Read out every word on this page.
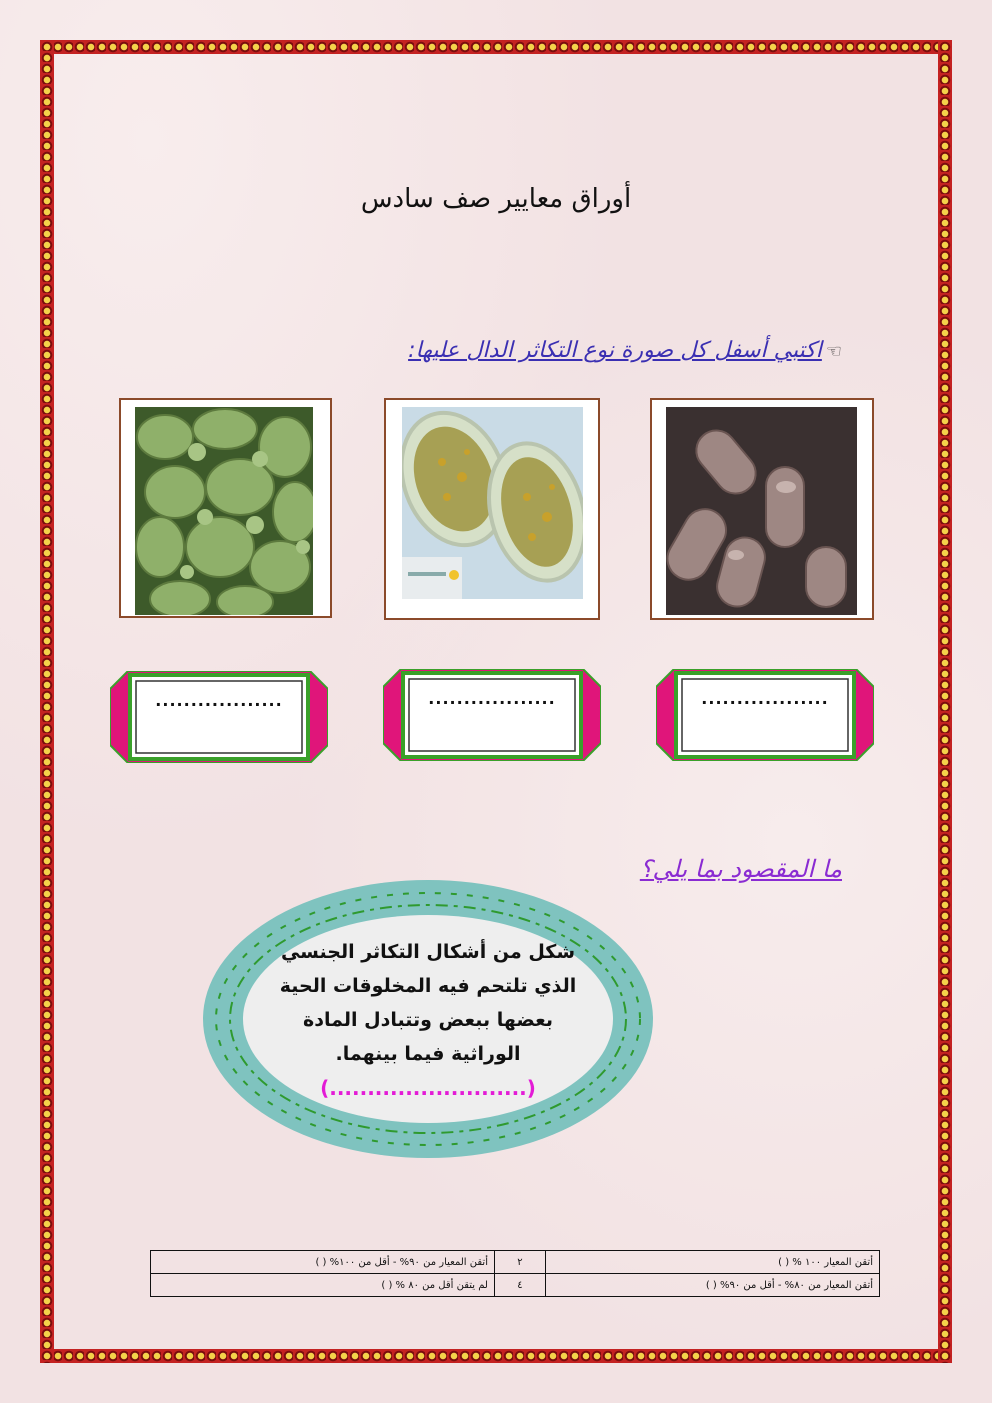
أوراق معايير صف سادس
☜اكتبي أسفل كل صورة نوع التكاثر الدال عليها:
..................	..................	..................
ما المقصود بما يلي؟
شكل من أشكال التكاثر الجنسي
الذي تلتحم فيه المخلوقات الحية
بعضها ببعض وتتبادل المادة
الوراثية فيما بينهما.
(..........................)
أتقن المعيار ١٠٠ % ( )	٢	أتقن المعيار من ٩٠% - أقل من ١٠٠% ( )
أتقن المعيار من ٨٠% - أقل من ٩٠% ( )	٤	لم يتقن أقل من ٨٠ % ( )
